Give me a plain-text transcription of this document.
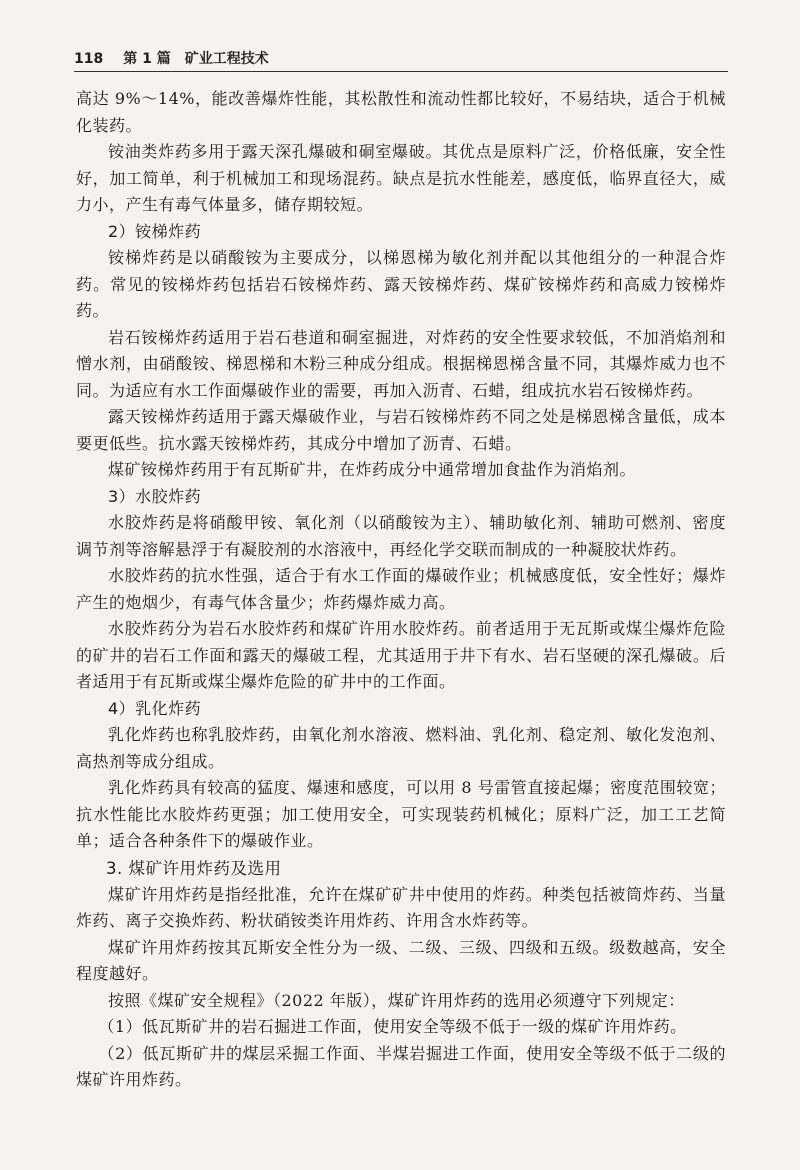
118 第 1 篇 矿业工程技术

高达 9%～14%，能改善爆炸性能，其松散性和流动性都比较好，不易结块，适合于机械化装药。

铵油类炸药多用于露天深孔爆破和硐室爆破。其优点是原料广泛，价格低廉，安全性好，加工简单，利于机械加工和现场混药。缺点是抗水性能差，感度低，临界直径大，威力小，产生有毒气体量多，储存期较短。

2）铵梯炸药

铵梯炸药是以硝酸铵为主要成分，以梯恩梯为敏化剂并配以其他组分的一种混合炸药。常见的铵梯炸药包括岩石铵梯炸药、露天铵梯炸药、煤矿铵梯炸药和高威力铵梯炸药。

岩石铵梯炸药适用于岩石巷道和硐室掘进，对炸药的安全性要求较低，不加消焰剂和憎水剂，由硝酸铵、梯恩梯和木粉三种成分组成。根据梯恩梯含量不同，其爆炸威力也不同。为适应有水工作面爆破作业的需要，再加入沥青、石蜡，组成抗水岩石铵梯炸药。

露天铵梯炸药适用于露天爆破作业，与岩石铵梯炸药不同之处是梯恩梯含量低，成本要更低些。抗水露天铵梯炸药，其成分中增加了沥青、石蜡。

煤矿铵梯炸药用于有瓦斯矿井，在炸药成分中通常增加食盐作为消焰剂。

3）水胶炸药

水胶炸药是将硝酸甲铵、氧化剂（以硝酸铵为主）、辅助敏化剂、辅助可燃剂、密度调节剂等溶解悬浮于有凝胶剂的水溶液中，再经化学交联而制成的一种凝胶状炸药。

水胶炸药的抗水性强，适合于有水工作面的爆破作业；机械感度低，安全性好；爆炸产生的炮烟少，有毒气体含量少；炸药爆炸威力高。

水胶炸药分为岩石水胶炸药和煤矿许用水胶炸药。前者适用于无瓦斯或煤尘爆炸危险的矿井的岩石工作面和露天的爆破工程，尤其适用于井下有水、岩石坚硬的深孔爆破。后者适用于有瓦斯或煤尘爆炸危险的矿井中的工作面。

4）乳化炸药

乳化炸药也称乳胶炸药，由氧化剂水溶液、燃料油、乳化剂、稳定剂、敏化发泡剂、高热剂等成分组成。

乳化炸药具有较高的猛度、爆速和感度，可以用 8 号雷管直接起爆；密度范围较宽；抗水性能比水胶炸药更强；加工使用安全，可实现装药机械化；原料广泛，加工工艺简单；适合各种条件下的爆破作业。

3. 煤矿许用炸药及选用

煤矿许用炸药是指经批准，允许在煤矿矿井中使用的炸药。种类包括被筒炸药、当量炸药、离子交换炸药、粉状硝铵类许用炸药、许用含水炸药等。

煤矿许用炸药按其瓦斯安全性分为一级、二级、三级、四级和五级。级数越高，安全程度越好。

按照《煤矿安全规程》（2022 年版），煤矿许用炸药的选用必须遵守下列规定：

（1）低瓦斯矿井的岩石掘进工作面，使用安全等级不低于一级的煤矿许用炸药。

（2）低瓦斯矿井的煤层采掘工作面、半煤岩掘进工作面，使用安全等级不低于二级的煤矿许用炸药。
